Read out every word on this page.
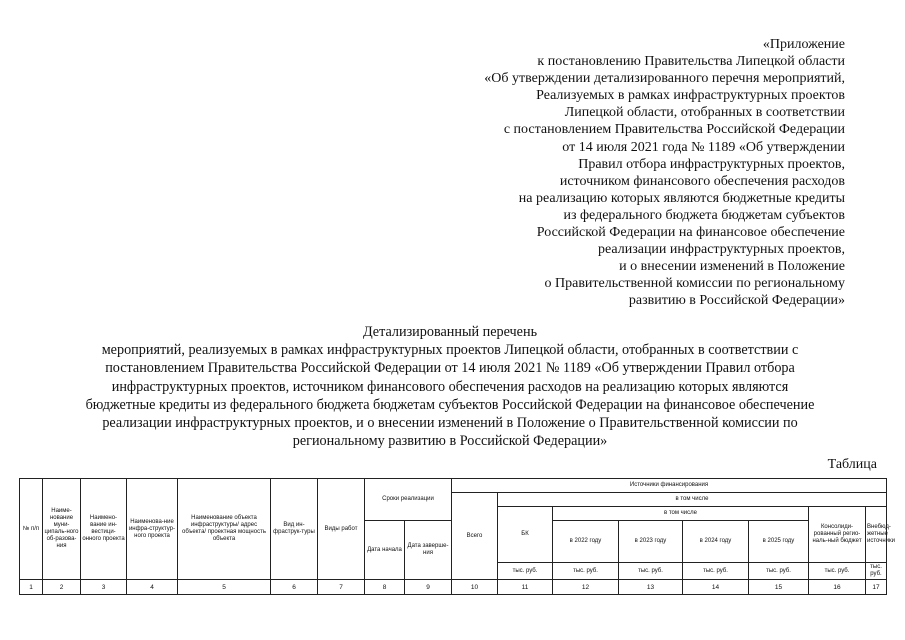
«Приложение
к постановлению Правительства Липецкой области
«Об утверждении детализированного перечня мероприятий,
Реализуемых в рамках инфраструктурных проектов
Липецкой области, отобранных в соответствии
с постановлением Правительства Российской Федерации
от 14 июля 2021 года № 1189 «Об утверждении
Правил отбора инфраструктурных проектов,
источником финансового обеспечения расходов
на реализацию которых являются бюджетные кредиты
из федерального бюджета бюджетам субъектов
Российской Федерации на финансовое обеспечение
реализации инфраструктурных проектов,
и о внесении изменений в Положение
о Правительственной комиссии по региональному
развитию в Российской Федерации»
Детализированный перечень
мероприятий, реализуемых в рамках инфраструктурных проектов Липецкой области, отобранных в соответствии с
постановлением Правительства Российской Федерации от 14 июля 2021 № 1189 «Об утверждении Правил отбора
инфраструктурных проектов, источником финансового обеспечения расходов на реализацию которых являются
бюджетные кредиты из федерального бюджета бюджетам субъектов Российской Федерации на финансовое обеспечение
реализации инфраструктурных проектов, и о внесении изменений в Положение о Правительственной комиссии по
региональному развитию в Российской Федерации»
Таблица
№ п/п	Наиме-нование муни-ципаль-ного об-разова-ния	Наимено-вание ин-вестици-онного проекта	Наименова-ние инфра-структур-ного проекта	Наименование объекта инфраструктуры/ адрес объекта/ проектная мощность объекта	Вид ин-фраструк-туры	Виды работ	Сроки реализации		Источники финансирования								
									Всего	в том числе							
										БК	в том числе				Консолиди-рованный регио-наль-ный бюджет	Внебюд-жетные источники	
							Дата начала	Дата заверше-ния			в 2022 году	в 2023 году	в 2024 году	в 2025 году			
										тыс. руб.	тыс. руб.	тыс. руб.	тыс. руб.	тыс. руб.	тыс. руб.	тыс. руб.	
1	2	3	4	5	6	7	8	9	10	11	12	13	14	15	16	17	
